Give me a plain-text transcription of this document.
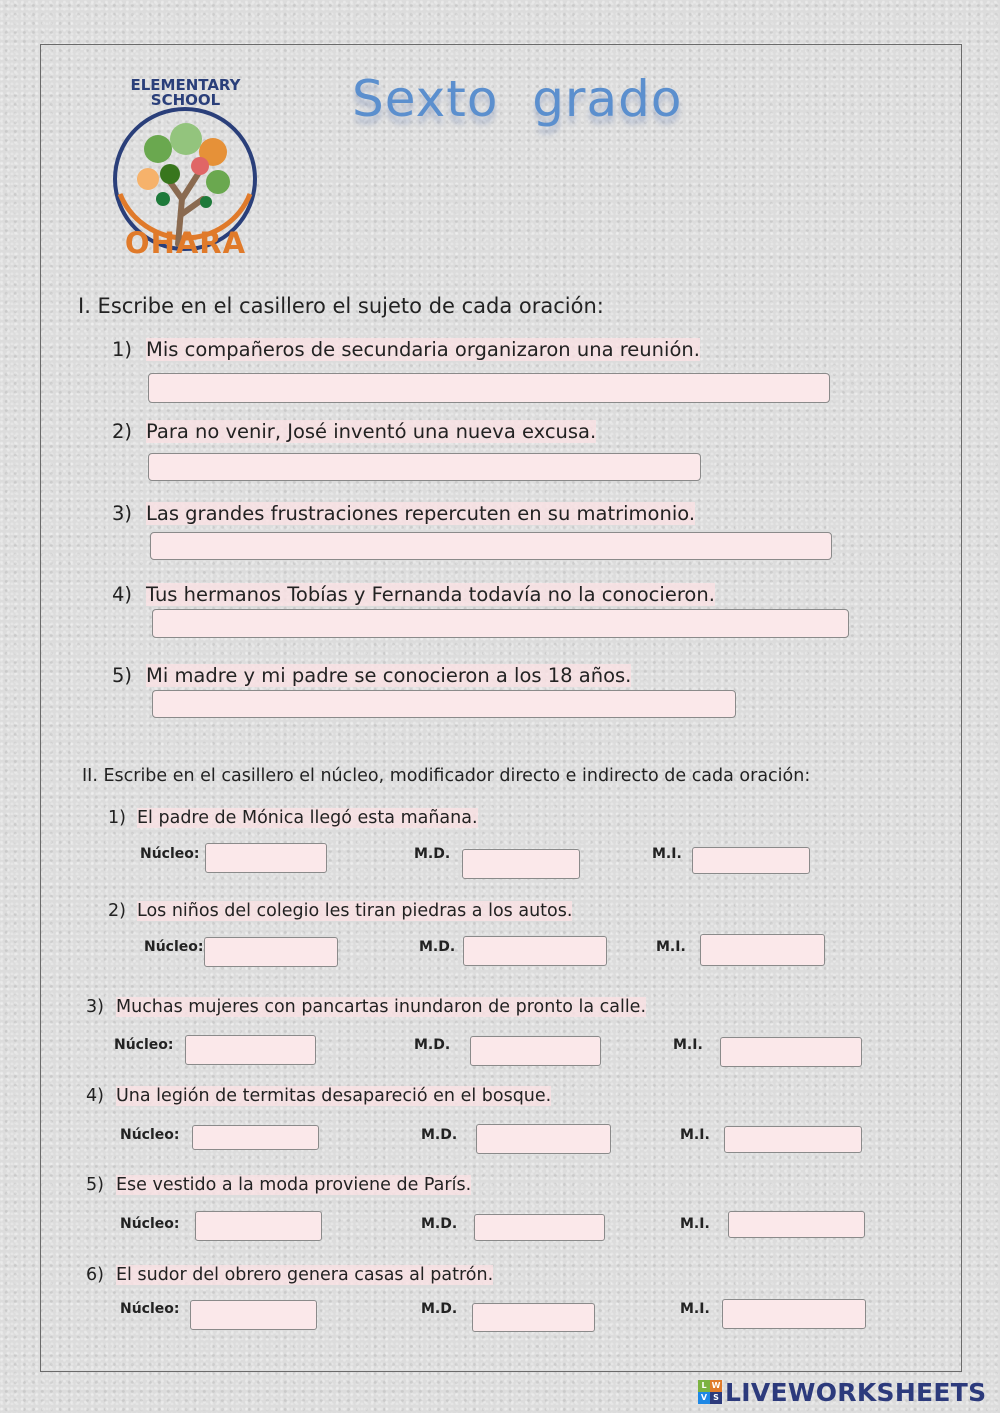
ELEMENTARY
SCHOOL
OHARA
Sexto  grado
I. Escribe en el casillero el sujeto de cada oración:
1) Mis compañeros de secundaria organizaron una reunión.
2) Para no venir, José inventó una nueva excusa.
3) Las grandes frustraciones repercuten en su matrimonio.
4) Tus hermanos Tobías y Fernanda todavía no la conocieron.
5) Mi madre y mi padre se conocieron a los 18 años.
II. Escribe en el casillero el núcleo, modificador directo e indirecto de cada oración:
1) El padre de Mónica llegó esta mañana.
Núcleo:	M.D.	M.I.
2) Los niños del colegio les tiran piedras a los autos.
Núcleo:	M.D.	M.I.
3) Muchas mujeres con pancartas inundaron de pronto la calle.
Núcleo:	M.D.	M.I.
4) Una legión de termitas desapareció en el bosque.
Núcleo:	M.D.	M.I.
5) Ese vestido a la moda proviene de París.
Núcleo:	M.D.	M.I.
6) El sudor del obrero genera casas al patrón.
Núcleo:	M.D.	M.I.
L W
V S LIVEWORKSHEETS
